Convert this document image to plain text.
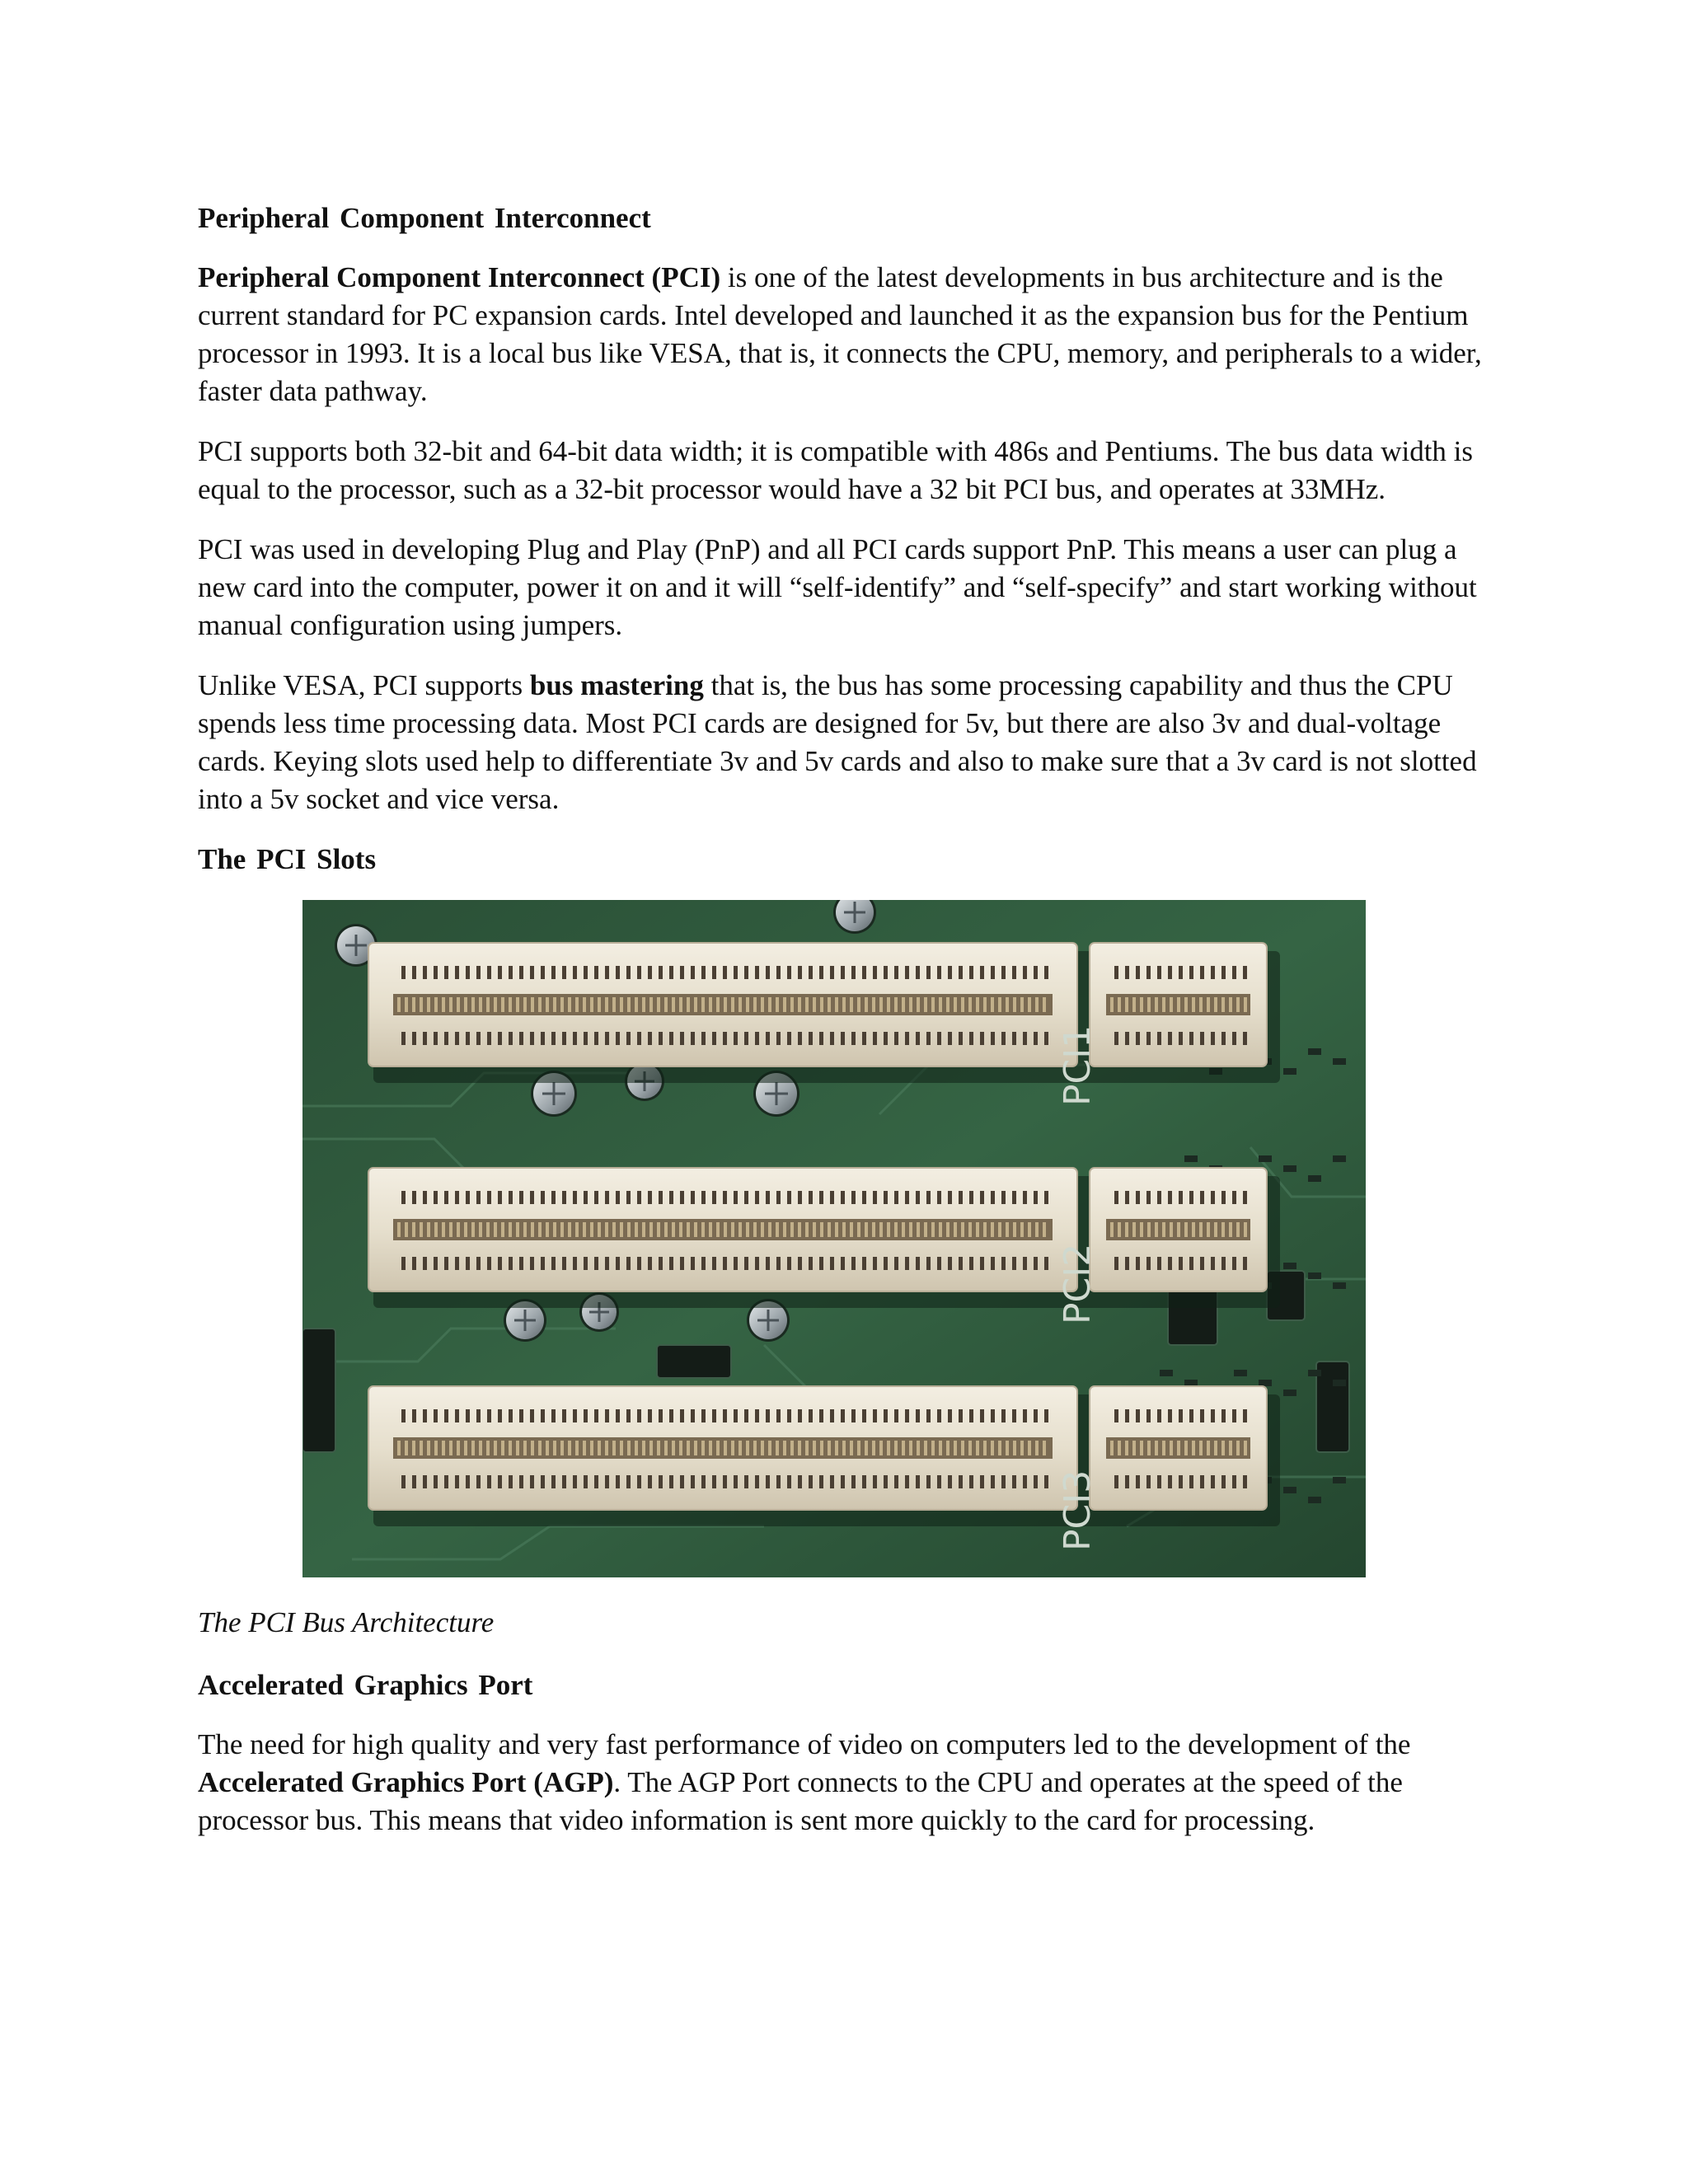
Peripheral Component Interconnect

Peripheral Component Interconnect (PCI) is one of the latest developments in bus architecture and is the current standard for PC expansion cards. Intel developed and launched it as the expansion bus for the Pentium processor in 1993. It is a local bus like VESA, that is, it connects the CPU, memory, and peripherals to a wider, faster data pathway.

PCI supports both 32-bit and 64-bit data width; it is compatible with 486s and Pentiums. The bus data width is equal to the processor, such as a 32-bit processor would have a 32 bit PCI bus, and operates at 33MHz.

PCI was used in developing Plug and Play (PnP) and all PCI cards support PnP. This means a user can plug a new card into the computer, power it on and it will “self-identify” and “self-specify” and start working without manual configuration using jumpers.

Unlike VESA, PCI supports bus mastering that is, the bus has some processing capability and thus the CPU spends less time processing data. Most PCI cards are designed for 5v, but there are also 3v and dual-voltage cards. Keying slots used help to differentiate 3v and 5v cards and also to make sure that a 3v card is not slotted into a 5v socket and vice versa.

The PCI Slots
PCI1
PCI2
PCI3
The PCI Bus Architecture
Accelerated Graphics Port

The need for high quality and very fast performance of video on computers led to the development of the Accelerated Graphics Port (AGP). The AGP Port connects to the CPU and operates at the speed of the processor bus. This means that video information is sent more quickly to the card for processing.
